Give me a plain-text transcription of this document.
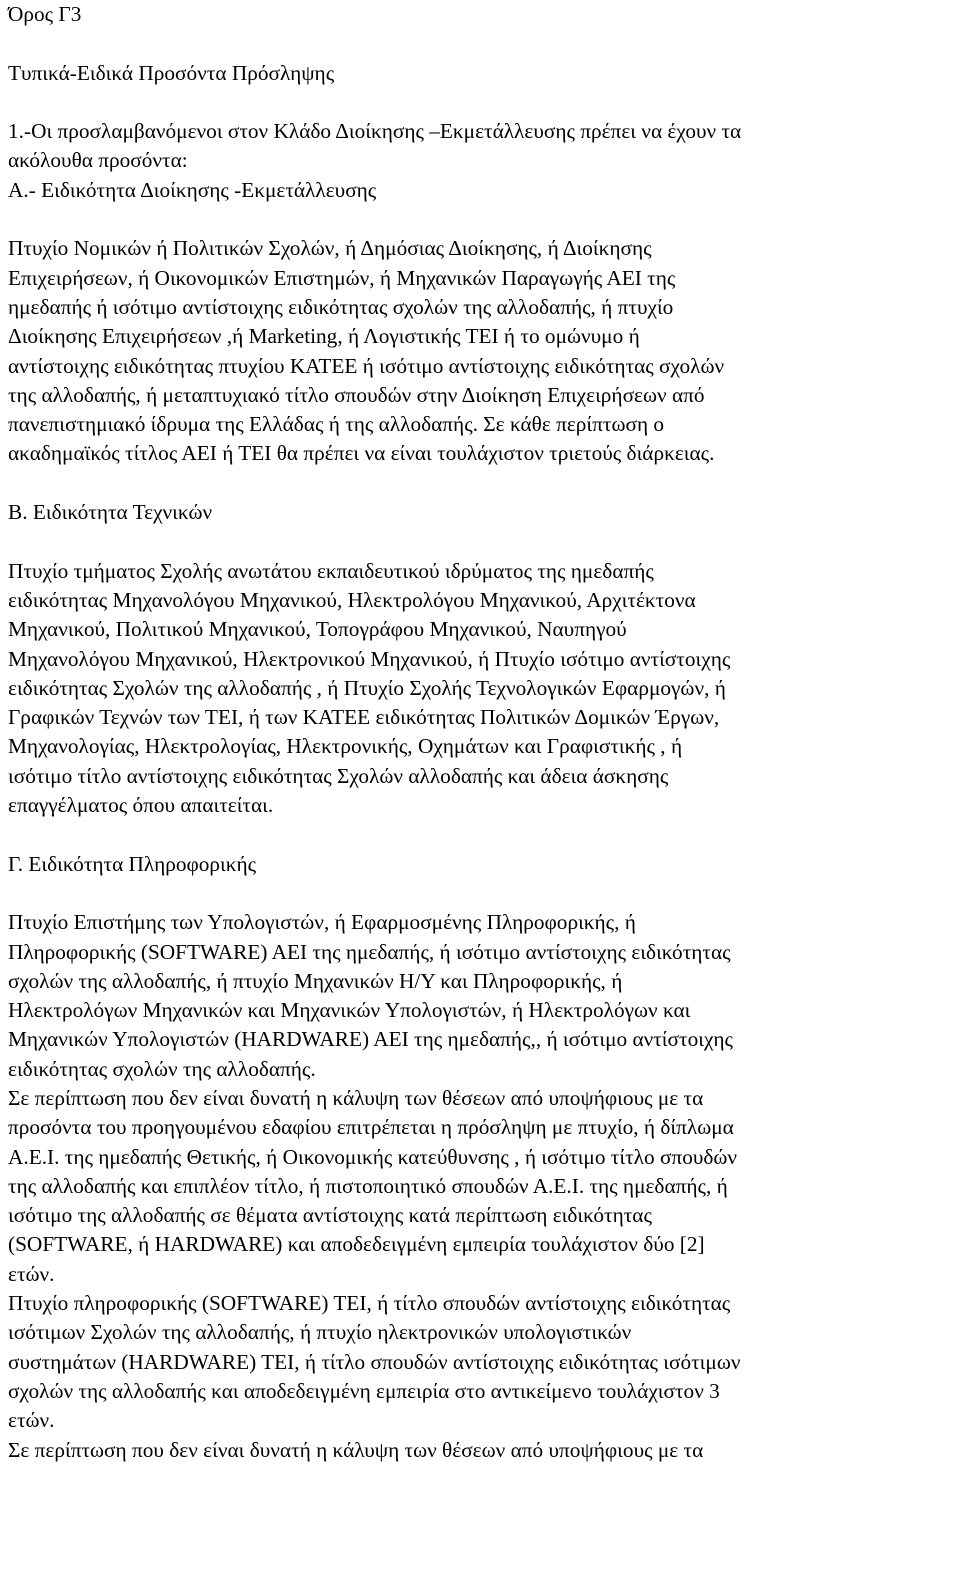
Όρος Γ3
Τυπικά-Ειδικά Προσόντα Πρόσληψης
1.-Οι προσλαμβανόμενοι στον Κλάδο Διοίκησης –Εκμετάλλευσης πρέπει να έχουν τα
ακόλουθα προσόντα:
Α.- Ειδικότητα Διοίκησης -Εκμετάλλευσης
Πτυχίο Νομικών ή Πολιτικών Σχολών, ή Δημόσιας Διοίκησης, ή Διοίκησης
Επιχειρήσεων, ή Οικονομικών Επιστημών, ή Μηχανικών Παραγωγής ΑΕΙ της
ημεδαπής ή ισότιμο αντίστοιχης ειδικότητας σχολών της αλλοδαπής, ή πτυχίο
Διοίκησης Επιχειρήσεων ,ή Marketing, ή Λογιστικής ΤΕΙ ή το ομώνυμο ή
αντίστοιχης ειδικότητας πτυχίου ΚΑΤΕΕ ή ισότιμο αντίστοιχης ειδικότητας σχολών
της αλλοδαπής, ή μεταπτυχιακό τίτλο σπουδών στην Διοίκηση Επιχειρήσεων από
πανεπιστημιακό ίδρυμα της Ελλάδας ή της αλλοδαπής. Σε κάθε περίπτωση ο
ακαδημαϊκός τίτλος ΑΕΙ ή ΤΕΙ θα πρέπει να είναι τουλάχιστον τριετούς διάρκειας.
Β. Ειδικότητα Τεχνικών
Πτυχίο τμήματος Σχολής ανωτάτου εκπαιδευτικού ιδρύματος της ημεδαπής
ειδικότητας Μηχανολόγου Μηχανικού, Ηλεκτρολόγου Μηχανικού, Αρχιτέκτονα
Μηχανικού, Πολιτικού Μηχανικού, Τοπογράφου Μηχανικού, Ναυπηγού
Μηχανολόγου Μηχανικού, Ηλεκτρονικού Μηχανικού, ή Πτυχίο ισότιμο αντίστοιχης
ειδικότητας Σχολών της αλλοδαπής , ή Πτυχίο Σχολής Τεχνολογικών Εφαρμογών, ή
Γραφικών Τεχνών των ΤΕΙ, ή των ΚΑΤΕΕ ειδικότητας Πολιτικών Δομικών Έργων,
Μηχανολογίας, Ηλεκτρολογίας, Ηλεκτρονικής, Οχημάτων και Γραφιστικής , ή
ισότιμο τίτλο αντίστοιχης ειδικότητας Σχολών αλλοδαπής και άδεια άσκησης
επαγγέλματος όπου απαιτείται.
Γ. Ειδικότητα Πληροφορικής
Πτυχίο Επιστήμης των Υπολογιστών, ή Εφαρμοσμένης Πληροφορικής, ή
Πληροφορικής (SOFTWARE) ΑΕΙ της ημεδαπής, ή ισότιμο αντίστοιχης ειδικότητας
σχολών της αλλοδαπής, ή πτυχίο Μηχανικών Η/Υ και Πληροφορικής, ή
Ηλεκτρολόγων Μηχανικών και Μηχανικών Υπολογιστών, ή Ηλεκτρολόγων και
Μηχανικών Υπολογιστών (HARDWARE) ΑΕΙ της ημεδαπής,, ή ισότιμο αντίστοιχης
ειδικότητας σχολών της αλλοδαπής.
Σε περίπτωση που δεν είναι δυνατή η κάλυψη των θέσεων από υποψήφιους με τα
προσόντα του προηγουμένου εδαφίου επιτρέπεται η πρόσληψη με πτυχίο, ή δίπλωμα
Α.Ε.Ι. της ημεδαπής Θετικής, ή Οικονομικής κατεύθυνσης , ή ισότιμο τίτλο σπουδών
της αλλοδαπής και επιπλέον τίτλο, ή πιστοποιητικό σπουδών Α.Ε.Ι. της ημεδαπής, ή
ισότιμο της αλλοδαπής σε θέματα αντίστοιχης κατά περίπτωση ειδικότητας
(SOFTWARE, ή HARDWARE) και αποδεδειγμένη εμπειρία τουλάχιστον δύο [2]
ετών.
Πτυχίο πληροφορικής (SOFTWARE) ΤΕΙ, ή τίτλο σπουδών αντίστοιχης ειδικότητας
ισότιμων Σχολών της αλλοδαπής, ή πτυχίο ηλεκτρονικών υπολογιστικών
συστημάτων (HARDWARE) ΤΕΙ, ή τίτλο σπουδών αντίστοιχης ειδικότητας ισότιμων
σχολών της αλλοδαπής και αποδεδειγμένη εμπειρία στο αντικείμενο τουλάχιστον 3
ετών.
Σε περίπτωση που δεν είναι δυνατή η κάλυψη των θέσεων από υποψήφιους με τα
